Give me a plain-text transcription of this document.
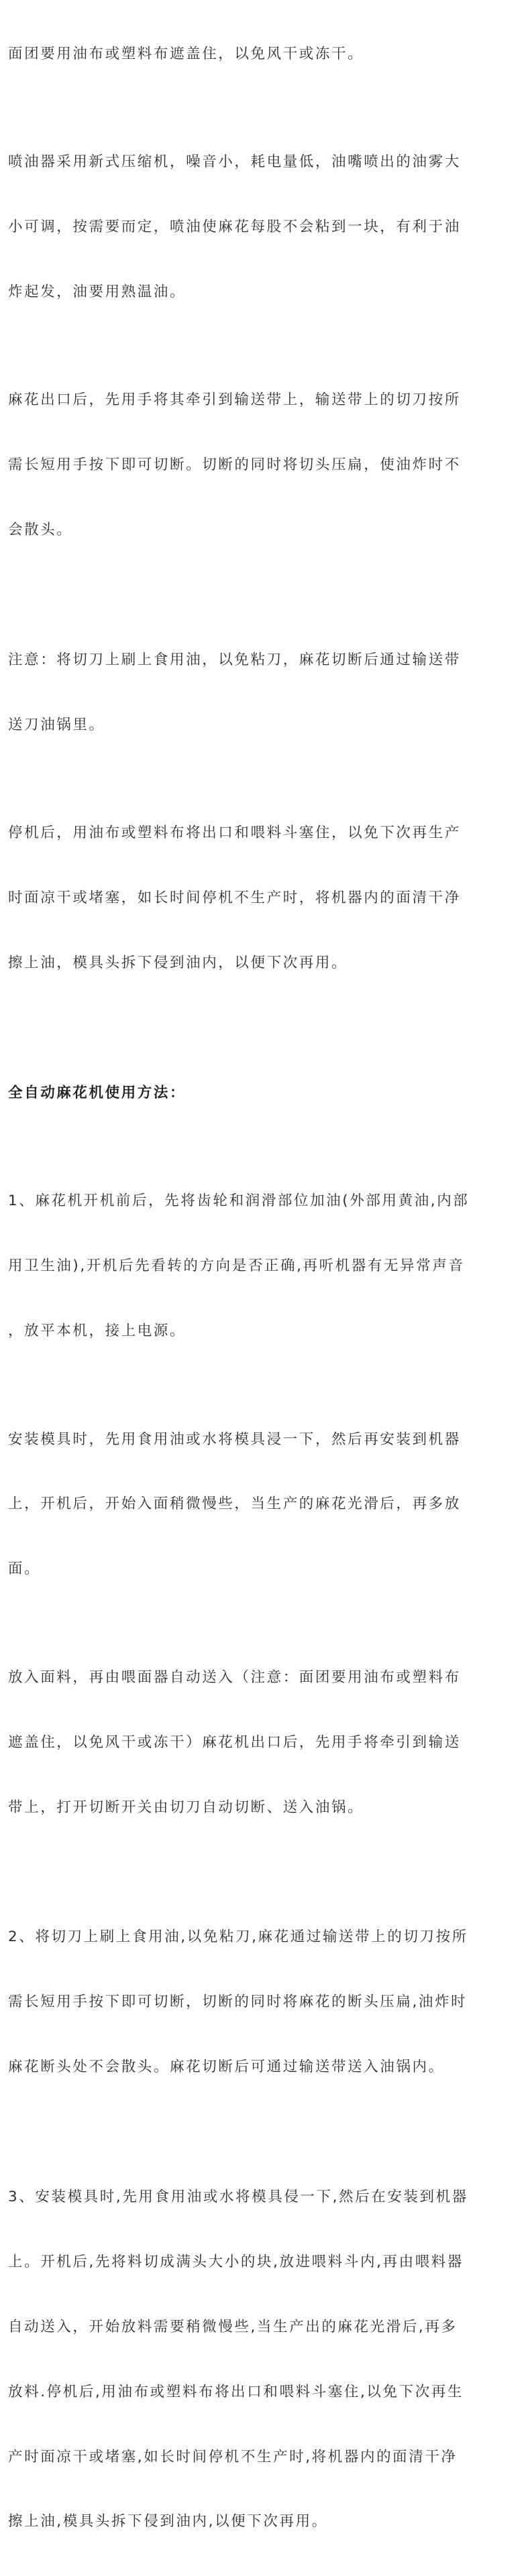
面团要用油布或塑料布遮盖住，以免风干或冻干。

喷油器采用新式压缩机，噪音小，耗电量低，油嘴喷出的油雾大

小可调，按需要而定，喷油使麻花每股不会粘到一块，有利于油

炸起发，油要用熟温油。

麻花出口后，先用手将其牵引到输送带上，输送带上的切刀按所

需长短用手按下即可切断。切断的同时将切头压扁，使油炸时不

会散头。

注意：将切刀上刷上食用油，以免粘刀，麻花切断后通过输送带

送刀油锅里。

停机后，用油布或塑料布将出口和喂料斗塞住，以免下次再生产

时面凉干或堵塞，如长时间停机不生产时，将机器内的面清干净

擦上油，模具头拆下侵到油内，以便下次再用。

全自动麻花机使用方法：

1、麻花机开机前后，先将齿轮和润滑部位加油(外部用黄油,内部

用卫生油),开机后先看转的方向是否正确,再听机器有无异常声音

，放平本机，接上电源。

安装模具时，先用食用油或水将模具浸一下，然后再安装到机器

上，开机后，开始入面稍微慢些，当生产的麻花光滑后，再多放

面。

放入面料，再由喂面器自动送入（注意：面团要用油布或塑料布

遮盖住，以免风干或冻干）麻花机出口后，先用手将牵引到输送

带上，打开切断开关由切刀自动切断、送入油锅。

2、将切刀上刷上食用油,以免粘刀,麻花通过输送带上的切刀按所

需长短用手按下即可切断，切断的同时将麻花的断头压扁,油炸时

麻花断头处不会散头。麻花切断后可通过输送带送入油锅内。

3、安装模具时,先用食用油或水将模具侵一下,然后在安装到机器

上。开机后,先将料切成满头大小的块,放进喂料斗内,再由喂料器

自动送入，开始放料需要稍微慢些,当生产出的麻花光滑后,再多

放料.停机后,用油布或塑料布将出口和喂料斗塞住,以免下次再生

产时面凉干或堵塞,如长时间停机不生产时,将机器内的面清干净

擦上油,模具头拆下侵到油内,以便下次再用。
